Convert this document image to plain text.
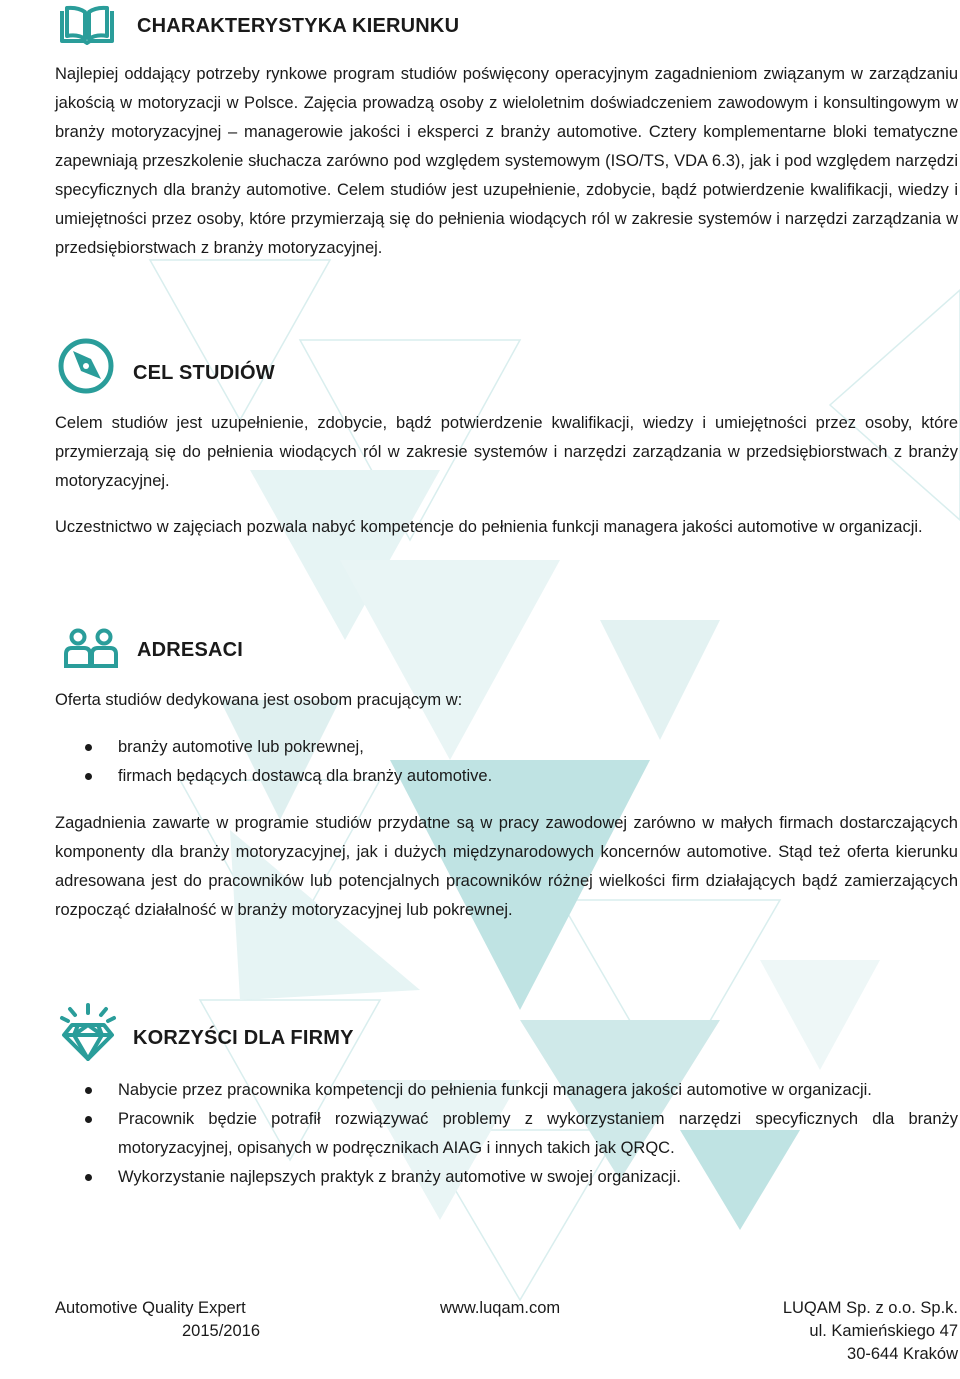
CHARAKTERYSTYKA KIERUNKU

Najlepiej oddający potrzeby rynkowe program studiów poświęcony operacyjnym zagadnieniom związanym w zarządzaniu jakością w motoryzacji w Polsce. Zajęcia prowadzą osoby z wieloletnim doświadczeniem zawodowym i konsultingowym w branży motoryzacyjnej – managerowie jakości i eksperci z branży automotive. Cztery komplementarne bloki tematyczne zapewniają przeszkolenie słuchacza zarówno pod względem systemowym (ISO/TS, VDA 6.3), jak i pod względem narzędzi specyficznych dla branży automotive. Celem studiów jest uzupełnienie, zdobycie, bądź potwierdzenie kwalifikacji, wiedzy i umiejętności przez osoby, które przymierzają się do pełnienia wiodących ról w zakresie systemów i narzędzi zarządzania w przedsiębiorstwach z branży motoryzacyjnej.

CEL STUDIÓW

Celem studiów jest uzupełnienie, zdobycie, bądź potwierdzenie kwalifikacji, wiedzy i umiejętności przez osoby, które przymierzają się do pełnienia wiodących ról w zakresie systemów i narzędzi zarządzania w przedsiębiorstwach z branży motoryzacyjnej.

Uczestnictwo w zajęciach pozwala nabyć kompetencje do pełnienia funkcji managera jakości automotive w organizacji.

ADRESACI

Oferta studiów dedykowana jest osobom pracującym w:

branży automotive lub pokrewnej,
firmach będących dostawcą dla branży automotive.

Zagadnienia zawarte w programie studiów przydatne są w pracy zawodowej zarówno w małych firmach dostarczających komponenty dla branży motoryzacyjnej, jak i dużych międzynarodowych koncernów automotive. Stąd też oferta kierunku adresowana jest do pracowników lub potencjalnych pracowników różnej wielkości firm działających bądź zamierzających rozpocząć działalność w branży motoryzacyjnej lub pokrewnej.

KORZYŚCI DLA FIRMY
Nabycie przez pracownika kompetencji do pełnienia funkcji managera jakości automotive w organizacji.
Pracownik będzie potrafił rozwiązywać problemy z wykorzystaniem narzędzi specyficznych dla branży motoryzacyjnej, opisanych w podręcznikach AIAG i innych takich jak QRQC.
Wykorzystanie najlepszych praktyk z branży automotive w swojej organizacji.
Automotive Quality Expert
2015/2016
www.luqam.com	LUQAM Sp. z o.o. Sp.k.
ul. Kamieńskiego 47
30-644 Kraków
